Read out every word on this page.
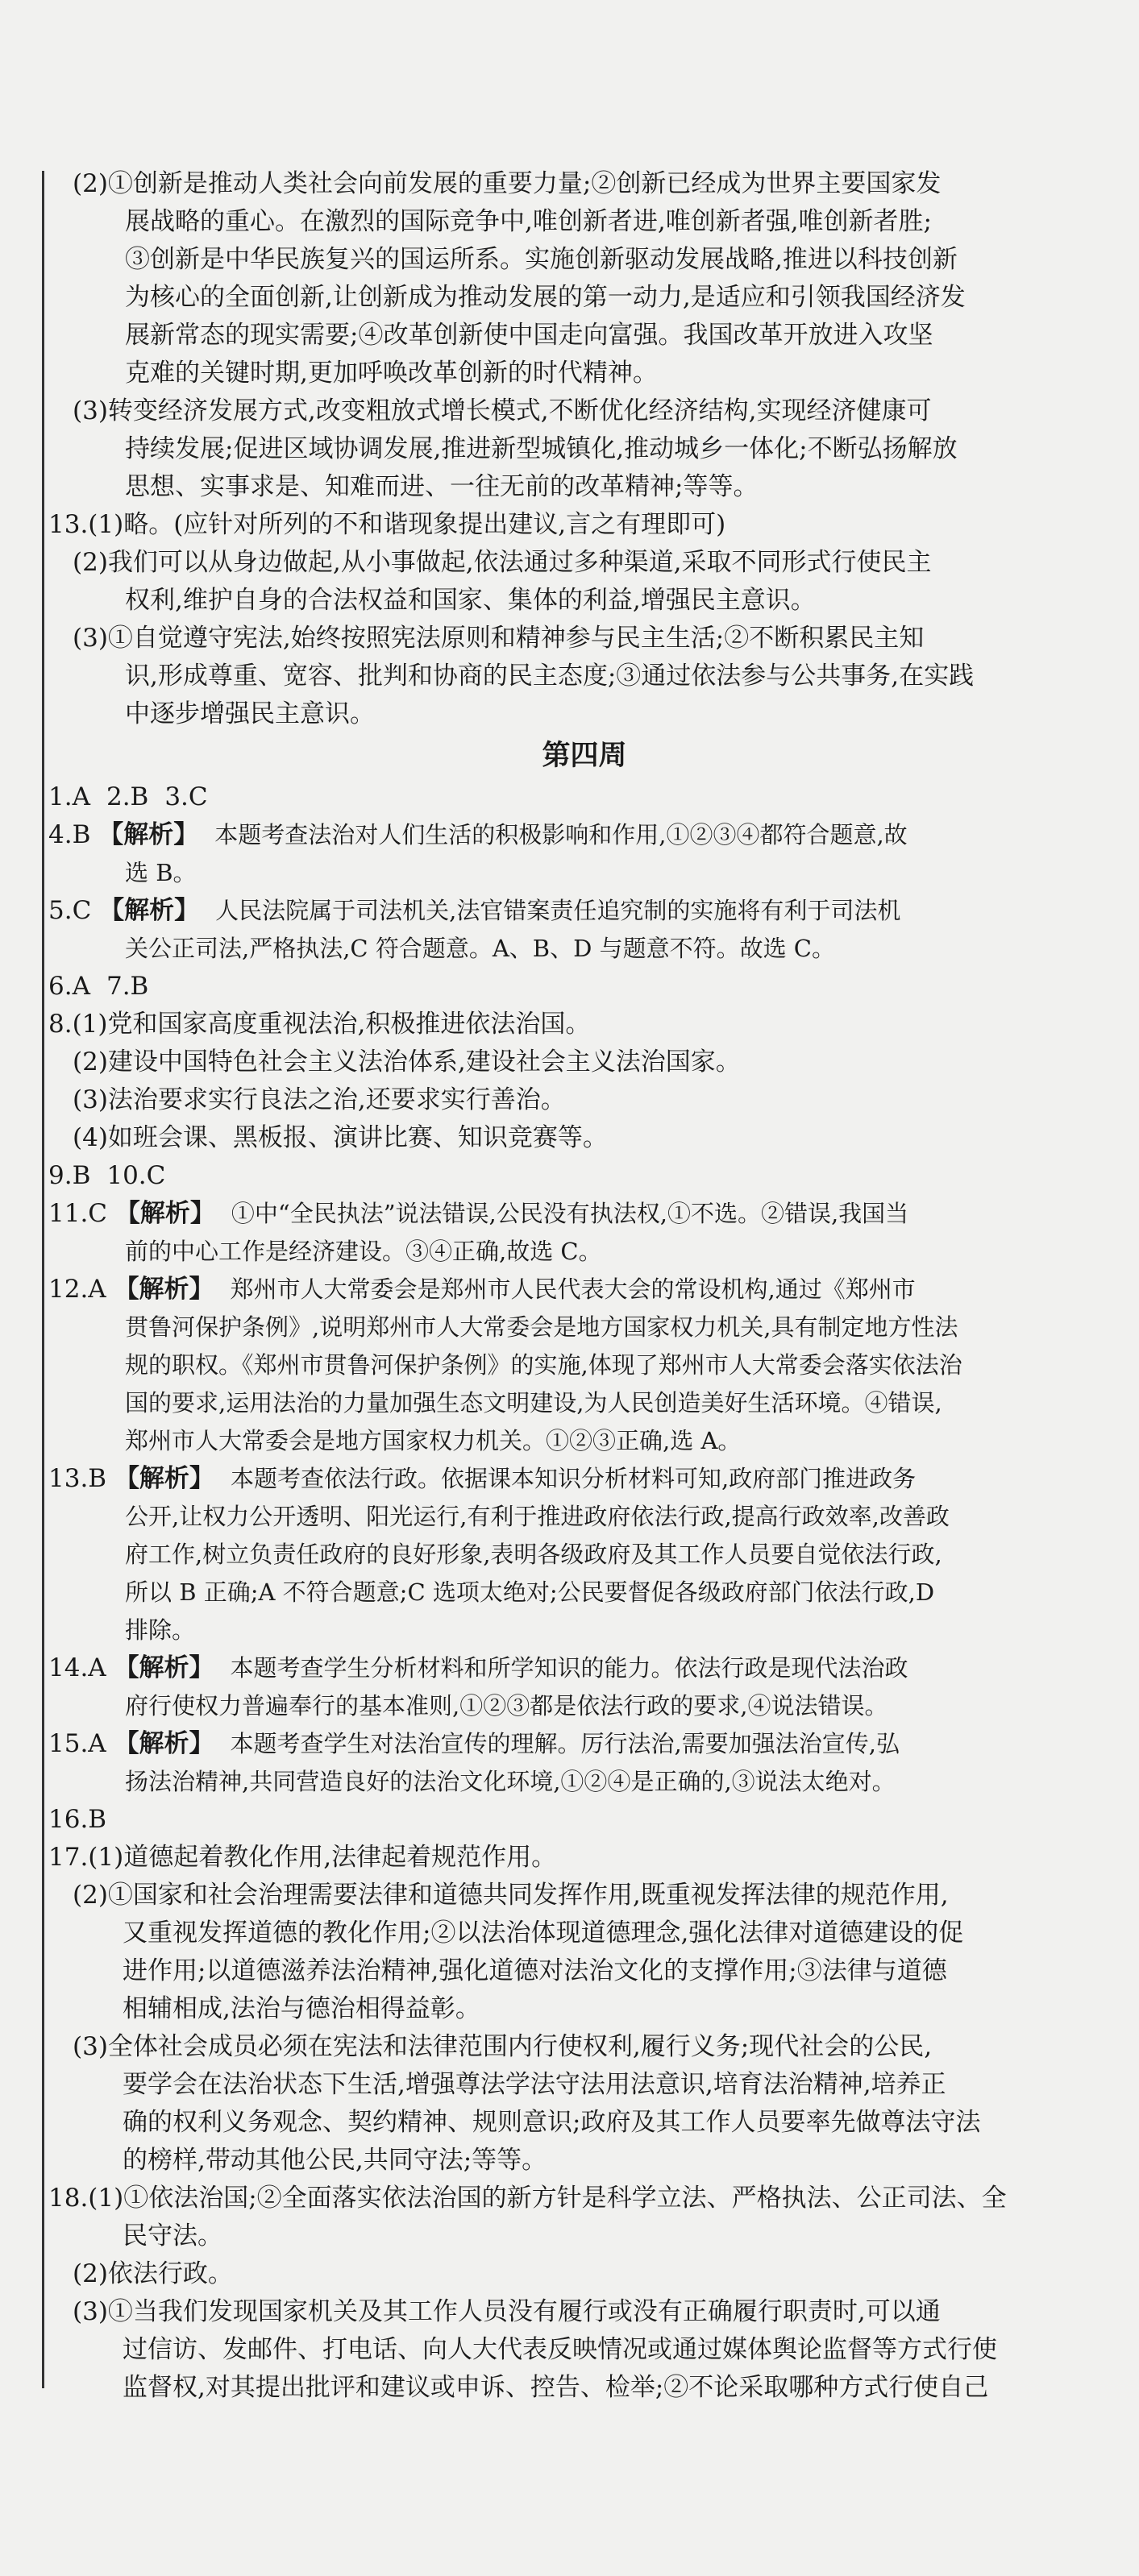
(2)①创新是推动人类社会向前发展的重要力量;②创新已经成为世界主要国家发
展战略的重心。在激烈的国际竞争中,唯创新者进,唯创新者强,唯创新者胜;
③创新是中华民族复兴的国运所系。实施创新驱动发展战略,推进以科技创新
为核心的全面创新,让创新成为推动发展的第一动力,是适应和引领我国经济发
展新常态的现实需要;④改革创新使中国走向富强。我国改革开放进入攻坚
克难的关键时期,更加呼唤改革创新的时代精神。
(3)转变经济发展方式,改变粗放式增长模式,不断优化经济结构,实现经济健康可
持续发展;促进区域协调发展,推进新型城镇化,推动城乡一体化;不断弘扬解放
思想、实事求是、知难而进、一往无前的改革精神;等等。
13.(1)略。(应针对所列的不和谐现象提出建议,言之有理即可)
(2)我们可以从身边做起,从小事做起,依法通过多种渠道,采取不同形式行使民主
权利,维护自身的合法权益和国家、集体的利益,增强民主意识。
(3)①自觉遵守宪法,始终按照宪法原则和精神参与民主生活;②不断积累民主知
识,形成尊重、宽容、批判和协商的民主态度;③通过依法参与公共事务,在实践
中逐步增强民主意识。
第四周
1.A 2.B 3.C
4.B 【解析】 本题考查法治对人们生活的积极影响和作用,①②③④都符合题意,故
选 B。
5.C 【解析】 人民法院属于司法机关,法官错案责任追究制的实施将有利于司法机
关公正司法,严格执法,C 符合题意。A、B、D 与题意不符。故选 C。
6.A 7.B
8.(1)党和国家高度重视法治,积极推进依法治国。
(2)建设中国特色社会主义法治体系,建设社会主义法治国家。
(3)法治要求实行良法之治,还要求实行善治。
(4)如班会课、黑板报、演讲比赛、知识竞赛等。
9.B 10.C
11.C 【解析】 ①中“全民执法”说法错误,公民没有执法权,①不选。②错误,我国当
前的中心工作是经济建设。③④正确,故选 C。
12.A 【解析】 郑州市人大常委会是郑州市人民代表大会的常设机构,通过《郑州市
贯鲁河保护条例》,说明郑州市人大常委会是地方国家权力机关,具有制定地方性法
规的职权。《郑州市贯鲁河保护条例》的实施,体现了郑州市人大常委会落实依法治
国的要求,运用法治的力量加强生态文明建设,为人民创造美好生活环境。④错误,
郑州市人大常委会是地方国家权力机关。①②③正确,选 A。
13.B 【解析】 本题考查依法行政。依据课本知识分析材料可知,政府部门推进政务
公开,让权力公开透明、阳光运行,有利于推进政府依法行政,提高行政效率,改善政
府工作,树立负责任政府的良好形象,表明各级政府及其工作人员要自觉依法行政,
所以 B 正确;A 不符合题意;C 选项太绝对;公民要督促各级政府部门依法行政,D
排除。
14.A 【解析】 本题考查学生分析材料和所学知识的能力。依法行政是现代法治政
府行使权力普遍奉行的基本准则,①②③都是依法行政的要求,④说法错误。
15.A 【解析】 本题考查学生对法治宣传的理解。厉行法治,需要加强法治宣传,弘
扬法治精神,共同营造良好的法治文化环境,①②④是正确的,③说法太绝对。
16.B
17.(1)道德起着教化作用,法律起着规范作用。
(2)①国家和社会治理需要法律和道德共同发挥作用,既重视发挥法律的规范作用,
又重视发挥道德的教化作用;②以法治体现道德理念,强化法律对道德建设的促
进作用;以道德滋养法治精神,强化道德对法治文化的支撑作用;③法律与道德
相辅相成,法治与德治相得益彰。
(3)全体社会成员必须在宪法和法律范围内行使权利,履行义务;现代社会的公民,
要学会在法治状态下生活,增强尊法学法守法用法意识,培育法治精神,培养正
确的权利义务观念、契约精神、规则意识;政府及其工作人员要率先做尊法守法
的榜样,带动其他公民,共同守法;等等。
18.(1)①依法治国;②全面落实依法治国的新方针是科学立法、严格执法、公正司法、全
民守法。
(2)依法行政。
(3)①当我们发现国家机关及其工作人员没有履行或没有正确履行职责时,可以通
过信访、发邮件、打电话、向人大代表反映情况或通过媒体舆论监督等方式行使
监督权,对其提出批评和建议或申诉、控告、检举;②不论采取哪种方式行使自己
